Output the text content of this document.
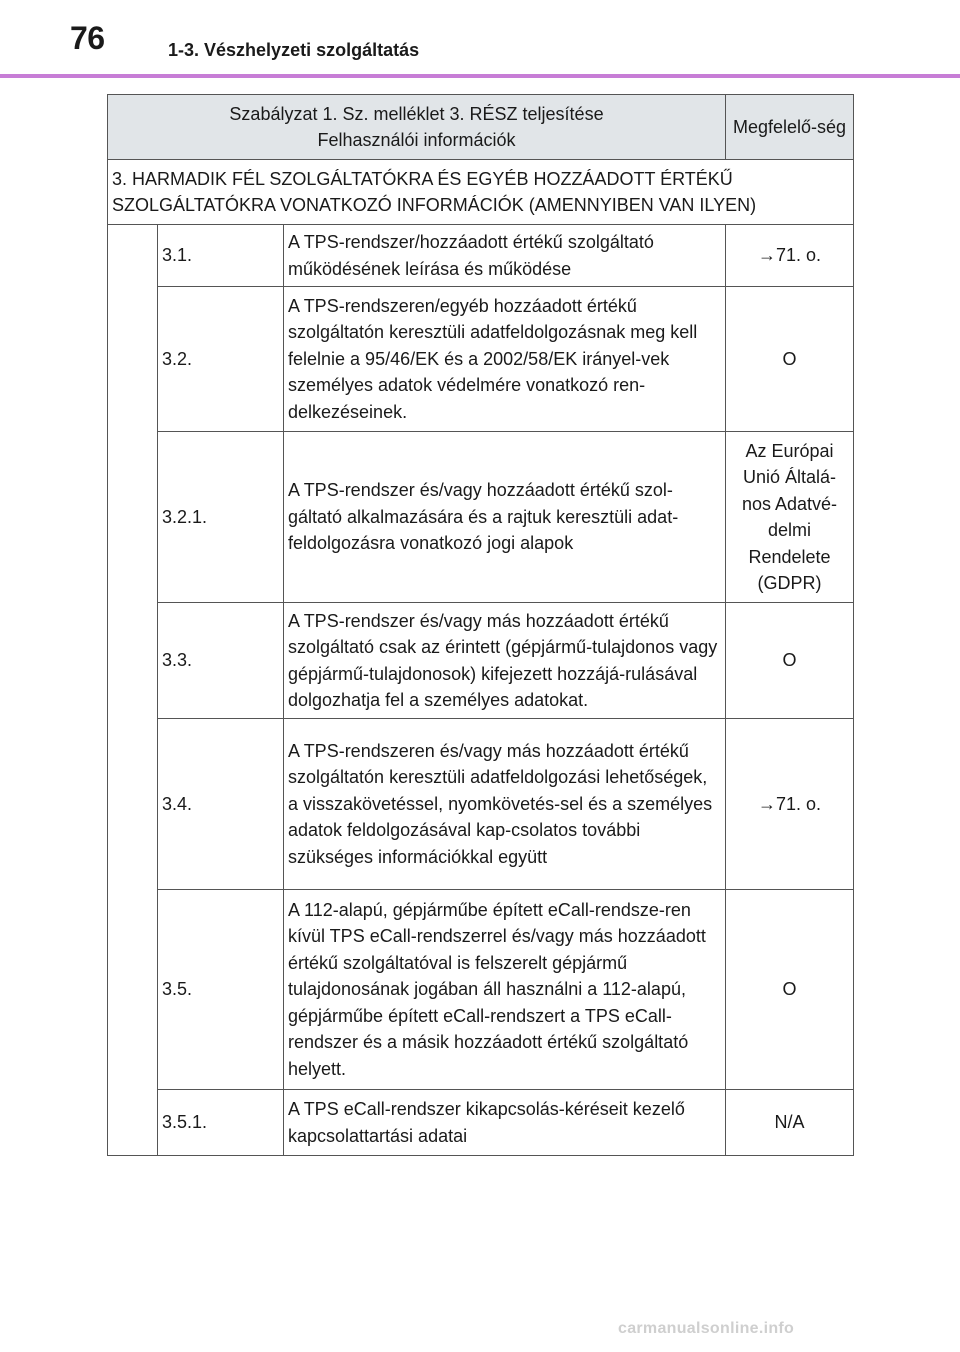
76	1-3. Vészhelyzeti szolgáltatás
Szabályzat 1. Sz. melléklet 3. RÉSZ teljesítése
Felhasználói információk			Megfelelő-ség
3. HARMADIK FÉL SZOLGÁLTATÓKRA ÉS EGYÉB HOZZÁADOTT ÉRTÉKŰ SZOLGÁLTATÓKRA VONATKOZÓ INFORMÁCIÓK (AMENNYIBEN VAN ILYEN)			
	3.1.	A TPS-rendszer/hozzáadott értékű szolgáltató működésének leírása és működése	→71. o.
	3.2.	A TPS-rendszeren/egyéb hozzáadott értékű szolgáltatón keresztüli adatfeldolgozásnak meg kell felelnie a 95/46/EK és a 2002/58/EK irányel-vek személyes adatok védelmére vonatkozó ren-delkezéseinek.	O
	3.2.1.	A TPS-rendszer és/vagy hozzáadott értékű szol-gáltató alkalmazására és a rajtuk keresztüli adat-feldolgozásra vonatkozó jogi alapok	Az Európai Unió Általá-nos Adatvé-delmi Rendelete (GDPR)
	3.3.	A TPS-rendszer és/vagy más hozzáadott értékű szolgáltató csak az érintett (gépjármű-tulajdonos vagy gépjármű-tulajdonosok) kifejezett hozzájá-rulásával dolgozhatja fel a személyes adatokat.	O
	3.4.	A TPS-rendszeren és/vagy más hozzáadott értékű szolgáltatón keresztüli adatfeldolgozási lehetőségek, a visszakövetéssel, nyomkövetés-sel és a személyes adatok feldolgozásával kap-csolatos további szükséges információkkal együtt	→71. o.
	3.5.	A 112-alapú, gépjárműbe épített eCall-rendsze-ren kívül TPS eCall-rendszerrel és/vagy más hozzáadott értékű szolgáltatóval is felszerelt gépjármű tulajdonosának jogában áll használni a 112-alapú, gépjárműbe épített eCall-rendszert a TPS eCall-rendszer és a másik hozzáadott értékű szolgáltató helyett.	O
	3.5.1.	A TPS eCall-rendszer kikapcsolás-kéréseit kezelő kapcsolattartási adatai	N/A
carmanualsonline.info
